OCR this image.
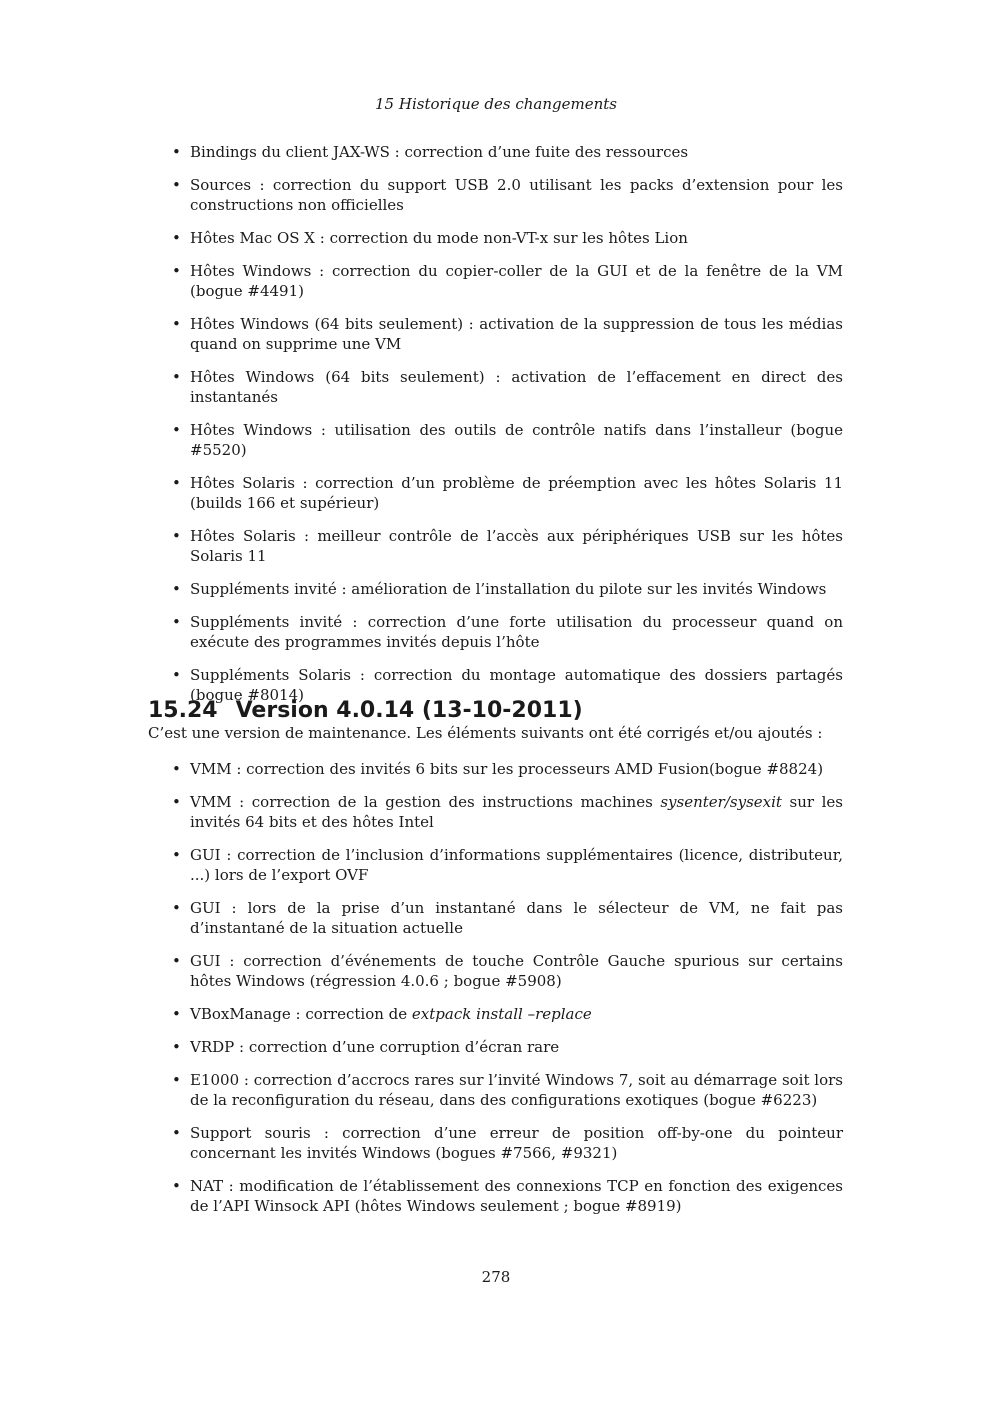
15 Historique des changements
• Bindings du client JAX-WS : correction d’une fuite des ressources
• Sources : correction du support USB 2.0 utilisant les packs d’extension pour les constructions non officielles
• Hôtes Mac OS X : correction du mode non-VT-x sur les hôtes Lion
• Hôtes Windows : correction du copier-coller de la GUI et de la fenêtre de la VM (bogue #4491)
• Hôtes Windows (64 bits seulement) : activation de la suppression de tous les médias quand on supprime une VM
• Hôtes Windows (64 bits seulement) : activation de l’effacement en direct des instantanés
• Hôtes Windows : utilisation des outils de contrôle natifs dans l’installeur (bogue #5520)
• Hôtes Solaris : correction d’un problème de préemption avec les hôtes Solaris 11 (builds 166 et supérieur)
• Hôtes Solaris : meilleur contrôle de l’accès aux périphériques USB sur les hôtes Solaris 11
• Suppléments invité : amélioration de l’installation du pilote sur les invités Windows
• Suppléments invité : correction d’une forte utilisation du processeur quand on exécute des programmes invités depuis l’hôte
• Suppléments Solaris : correction du montage automatique des dossiers partagés (bogue #8014)
15.24 Version 4.0.14 (13-10-2011)

C’est une version de maintenance. Les éléments suivants ont été corrigés et/ou ajoutés :

• VMM : correction des invités 6 bits sur les processeurs AMD Fusion(bogue #8824)
• VMM : correction de la gestion des instructions machines sysenter/sysexit sur les invités 64 bits et des hôtes Intel
• GUI : correction de l’inclusion d’informations supplémentaires (licence, distributeur, ...) lors de l’export OVF
• GUI : lors de la prise d’un instantané dans le sélecteur de VM, ne fait pas d’instantané de la situation actuelle
• GUI : correction d’événements de touche Contrôle Gauche spurious sur certains hôtes Windows (régression 4.0.6 ; bogue #5908)
• VBoxManage : correction de extpack install –replace
• VRDP : correction d’une corruption d’écran rare
• E1000 : correction d’accrocs rares sur l’invité Windows 7, soit au démarrage soit lors de la reconfiguration du réseau, dans des configurations exotiques (bogue #6223)
• Support souris : correction d’une erreur de position off-by-one du pointeur concernant les invités Windows (bogues #7566, #9321)
• NAT : modification de l’établissement des connexions TCP en fonction des exigences de l’API Winsock API (hôtes Windows seulement ; bogue #8919)
278
